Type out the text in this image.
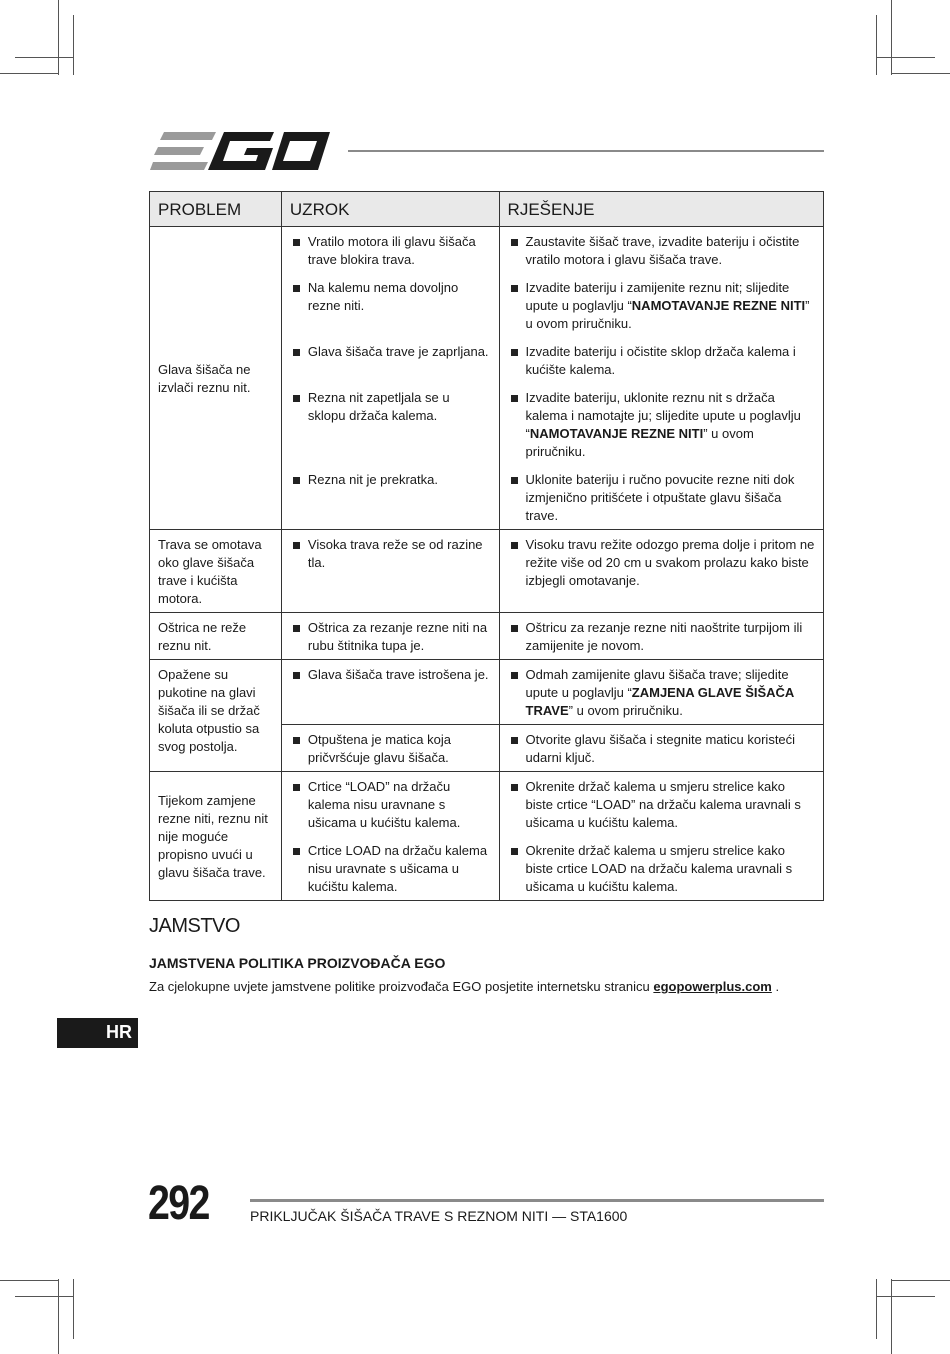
PROBLEM	UZROK	RJEŠENJE
Glava šišača ne izvlači reznu nit.	Vratilo motora ili glavu šišača trave blokira trava.	Zaustavite šišač trave, izvadite bateriju i očistite vratilo motora i glavu šišača trave.

	Na kalemu nema dovoljno rezne niti.	Izvadite bateriju i zamijenite reznu nit; slijedite upute u poglavlju “NAMOTAVANJE REZNE NITI” u ovom priručniku.

	Glava šišača trave je zaprljana.	Izvadite bateriju i očistite sklop držača kalema i kućište kalema.

	Rezna nit zapetljala se u sklopu držača kalema.	Izvadite bateriju, uklonite reznu nit s držača kalema i namotajte ju; slijedite upute u poglavlju “NAMOTAVANJE REZNE NITI” u ovom priručniku.

	Rezna nit je prekratka.	Uklonite bateriju i ručno povucite rezne niti dok izmjenično pritišćete i otpuštate glavu šišača trave.

Trava se omotava oko glave šišača trave i kućišta motora.	Visoka trava reže se od razine tla.	Visoku travu režite odozgo prema dolje i pritom ne režite više od 20 cm u svakom prolazu kako biste izbjegli omotavanje.

Oštrica ne reže reznu nit.	Oštrica za rezanje rezne niti na rubu štitnika tupa je.	Oštricu za rezanje rezne niti naoštrite turpijom ili zamijenite je novom.

Opažene su pukotine na glavi šišača ili se držač koluta otpustio sa svog postolja.	Glava šišača trave istrošena je.	Odmah zamijenite glavu šišača trave; slijedite upute u poglavlju “ZAMJENA GLAVE ŠIŠAČA TRAVE” u ovom priručniku.

	Otpuštena je matica koja pričvršćuje glavu šišača.	Otvorite glavu šišača i stegnite maticu koristeći udarni ključ.

Tijekom zamjene rezne niti, reznu nit nije moguće propisno uvući u glavu šišača trave.	Crtice “LOAD” na držaču kalema nisu uravnane s ušicama u kućištu kalema.	Okrenite držač kalema u smjeru strelice kako biste crtice “LOAD” na držaču kalema uravnali s ušicama u kućištu kalema.

	Crtice LOAD na držaču kalema nisu uravnate s ušicama u kućištu kalema.	Okrenite držač kalema u smjeru strelice kako biste crtice LOAD na držaču kalema uravnali s ušicama u kućištu kalema.
JAMSTVO
JAMSTVENA POLITIKA PROIZVOĐAČA EGO
Za cjelokupne uvjete jamstvene politike proizvođača EGO posjetite internetsku stranicu egopowerplus.com .
HR
292	PRIKLJUČAK ŠIŠAČA TRAVE S REZNOM NITI — STA1600
